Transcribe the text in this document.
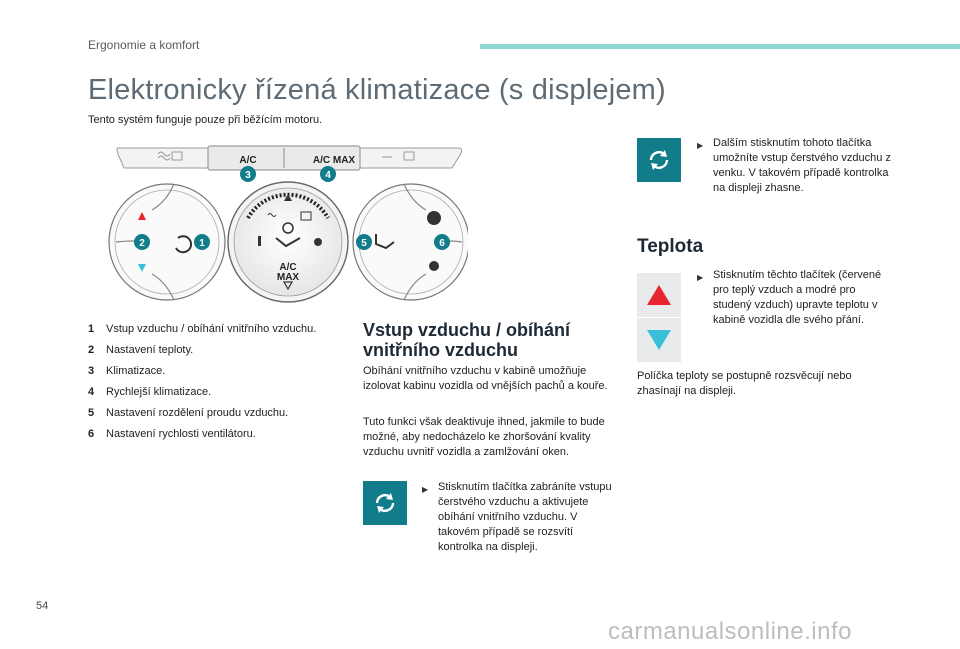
Ergonomie a komfort
Elektronicky řízená klimatizace (s displejem)
Tento systém funguje pouze při běžícím motoru.
A/C	A/C MAX
A/C
MAX
1
2
3	4
5	6
1	Vstup vzduchu / obíhání vnitřního vzduchu.
2	Nastavení teploty.
3	Klimatizace.
4	Rychlejší klimatizace.
5	Nastavení rozdělení proudu vzduchu.
6	Nastavení rychlosti ventilátoru.
Vstup vzduchu / obíhání vnitřního vzduchu
Obíhání vnitřního vzduchu v kabině umožňuje izolovat kabinu vozidla od vnějších pachů a kouře.
Tuto funkci však deaktivuje ihned, jakmile to bude možné, aby nedocházelo ke zhoršování kvality vzduchu uvnitř vozidla a zamlžování oken.
▶︎ Stisknutím tlačítka zabráníte vstupu čerstvého vzduchu a aktivujete obíhání vnitřního vzduchu. V takovém případě se rozsvítí kontrolka na displeji.
▶︎ Dalším stisknutím tohoto tlačítka umožníte vstup čerstvého vzduchu z venku. V takovém případě kontrolka na displeji zhasne.
Teplota
▶︎ Stisknutím těchto tlačítek (červené pro teplý vzduch a modré pro studený vzduch) upravte teplotu v kabině vozidla dle svého přání.
Políčka teploty se postupně rozsvěcují nebo zhasínají na displeji.
54
carmanualsonline.info
